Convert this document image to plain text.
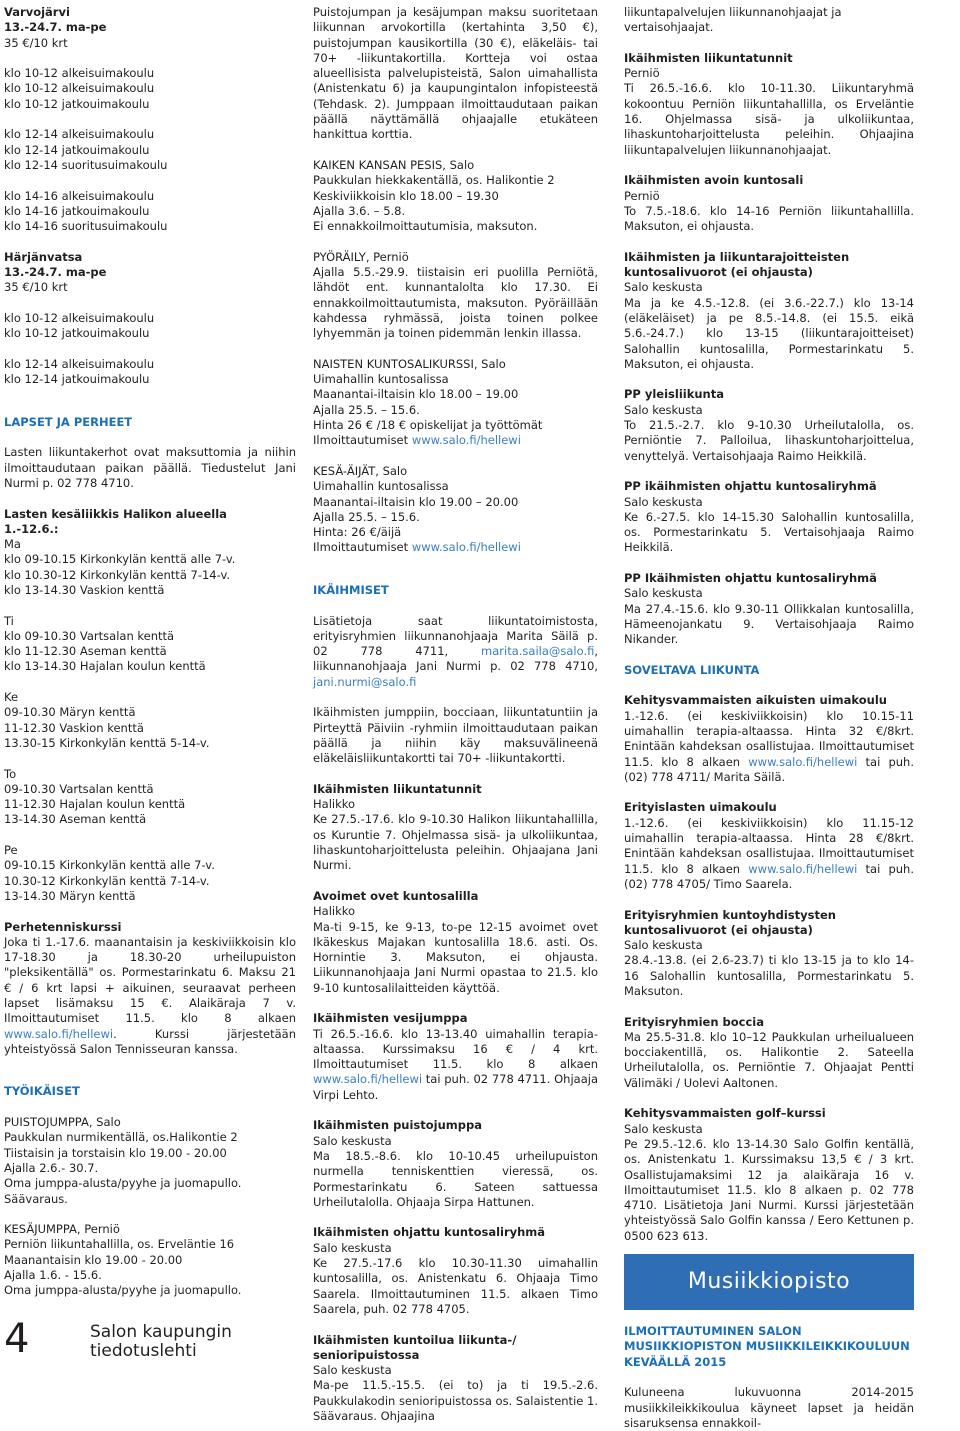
Varvojärvi

13.-24.7. ma-pe

35 €/10 krt

klo 10-12 alkeisuimakoulu

klo 10-12 alkeisuimakoulu

klo 10-12 jatkouimakoulu

klo 12-14 alkeisuimakoulu

klo 12-14 jatkouimakoulu

klo 12-14 suoritusuimakoulu

klo 14-16 alkeisuimakoulu

klo 14-16 jatkouimakoulu

klo 14-16 suoritusuimakoulu

Härjänvatsa

13.-24.7. ma-pe

35 €/10 krt

klo 10-12 alkeisuimakoulu

klo 10-12 jatkouimakoulu

klo 12-14 alkeisuimakoulu

klo 12-14 jatkouimakoulu

LAPSET JA PERHEET

Lasten liikuntakerhot ovat maksuttomia ja niihin ilmoittaudutaan paikan päällä. Tiedustelut Jani Nurmi p. 02 778 4710.

Lasten kesäliikkis Halikon alueella

1.-12.6.:

Ma

klo 09-10.15 Kirkonkylän kenttä alle 7-v.

klo 10.30-12 Kirkonkylän kenttä 7-14-v.

klo 13-14.30 Vaskion kenttä

Ti

klo 09-10.30 Vartsalan kenttä

klo 11-12.30 Aseman kenttä

klo 13-14.30 Hajalan koulun kenttä

Ke

09-10.30 Märyn kenttä

11-12.30 Vaskion kenttä

13.30-15 Kirkonkylän kenttä 5-14-v.

To

09-10.30 Vartsalan kenttä

11-12.30 Hajalan koulun kenttä

13-14.30 Aseman kenttä

Pe

09-10.15 Kirkonkylän kenttä alle 7-v.

10.30-12 Kirkonkylän kenttä 7-14-v.

13-14.30 Märyn kenttä

Perhetenniskurssi

Joka ti 1.-17.6. maanantaisin ja keskiviikkoisin klo 17-18.30 ja 18.30-20 urheilupuiston "pleksikentällä" os. Pormestarinkatu 6. Maksu 21 € / 6 krt lapsi + aikuinen, seuraavat perheen lapset lisämaksu 15 €. Alaikäraja 7 v. Ilmoittautumiset 11.5. klo 8 alkaen www.salo.fi/hellewi. Kurssi järjestetään yhteistyössä Salon Tennisseuran kanssa.

TYÖIKÄISET

PUISTOJUMPPA, Salo

Paukkulan nurmikentällä, os.Halikontie 2

Tiistaisin ja torstaisin klo 19.00 - 20.00

Ajalla 2.6.- 30.7.

Oma jumppa-alusta/pyyhe ja juomapullo. Säävaraus.

KESÄJUMPPA, Perniö

Perniön liikuntahallilla, os. Erveläntie 16

Maanantaisin klo 19.00 - 20.00

Ajalla 1.6. - 15.6.

Oma jumppa-alusta/pyyhe ja juomapullo.

Puistojumpan ja kesäjumpan maksu suoritetaan liikunnan arvokortilla (kertahinta 3,50 €), puistojumpan kausikortilla (30 €), eläkeläis- tai 70+ -liikuntakortilla. Kortteja voi ostaa alueellisista palvelupisteistä, Salon uimahallista (Anistenkatu 6) ja kaupungintalon infopisteestä (Tehdask. 2). Jumppaan ilmoittaudutaan paikan päällä näyttämällä ohjaajalle etukäteen hankittua korttia.

KAIKEN KANSAN PESIS, Salo

Paukkulan hiekkakentällä, os. Halikontie 2

Keskiviikkoisin klo 18.00 – 19.30

Ajalla 3.6. – 5.8.

Ei ennakkoilmoittautumisia, maksuton.

PYÖRÄILY, Perniö

Ajalla 5.5.-29.9. tiistaisin eri puolilla Perniötä, lähdöt ent. kunnantalolta klo 17.30. Ei ennakkoilmoittautumista, maksuton. Pyöräillään kahdessa ryhmässä, joista toinen polkee lyhyemmän ja toinen pidemmän lenkin illassa.

NAISTEN KUNTOSALIKURSSI, Salo

Uimahallin kuntosalissa

Maanantai-iltaisin klo 18.00 – 19.00

Ajalla 25.5. – 15.6.

Hinta 26 € /18 € opiskelijat ja työttömät

Ilmoittautumiset www.salo.fi/hellewi

KESÄ-ÄIJÄT, Salo

Uimahallin kuntosalissa

Maanantai-iltaisin klo 19.00 – 20.00

Ajalla 25.5. – 15.6.

Hinta: 26 €/äijä

Ilmoittautumiset www.salo.fi/hellewi

IKÄIHMISET

Lisätietoja saat liikuntatoimistosta, erityisryhmien liikunnanohjaaja Marita Säilä p. 02 778 4711, marita.saila@salo.fi, liikunnanohjaaja Jani Nurmi p. 02 778 4710, jani.nurmi@salo.fi

Ikäihmisten jumppiin, bocciaan, liikuntatuntiin ja Pirteyttä Päiviin -ryhmiin ilmoittaudutaan paikan päällä ja niihin käy maksuvälineenä eläkeläisliikuntakortti tai 70+ -liikuntakortti.

Ikäihmisten liikuntatunnit

Halikko

Ke 27.5.-17.6. klo 9-10.30 Halikon liikuntahallilla, os Kuruntie 7. Ohjelmassa sisä- ja ulkoliikuntaa, lihaskuntoharjoittelusta peleihin. Ohjaajana Jani Nurmi.

Avoimet ovet kuntosalilla

Halikko

Ma-ti 9-15, ke 9-13, to-pe 12-15 avoimet ovet Ikäkeskus Majakan kuntosalilla 18.6. asti. Os. Hornintie 3. Maksuton, ei ohjausta. Liikunnanohjaaja Jani Nurmi opastaa to 21.5. klo 9-10 kuntosalilaitteiden käyttöä.

Ikäihmisten vesijumppa

Ti 26.5.-16.6. klo 13-13.40 uimahallin terapia-altaassa. Kurssimaksu 16 € / 4 krt. Ilmoittautumiset 11.5. klo 8 alkaen www.salo.fi/hellewi tai puh. 02 778 4711. Ohjaaja Virpi Lehto.

Ikäihmisten puistojumppa

Salo keskusta

Ma 18.5.-8.6. klo 10-10.45 urheilupuiston nurmella tenniskenttien vieressä, os. Pormestarinkatu 6. Sateen sattuessa Urheilutalolla. Ohjaaja Sirpa Hattunen.

Ikäihmisten ohjattu kuntosaliryhmä

Salo keskusta

Ke 27.5.-17.6 klo 10.30-11.30 uimahallin kuntosalilla, os. Anistenkatu 6. Ohjaaja Timo Saarela. Ilmoittautuminen 11.5. alkaen Timo Saarela, puh. 02 778 4705.

Ikäihmisten kuntoilua liikunta-/ senioripuistossa

Salo keskusta

Ma-pe 11.5.-15.5. (ei to) ja ti 19.5.-2.6. Paukkulakodin senioripuistossa os. Salaistentie 1. Säävaraus. Ohjaajina

liikuntapalvelujen liikunnanohjaajat ja vertaisohjaajat.

Ikäihmisten liikuntatunnit

Perniö

Ti 26.5.-16.6. klo 10-11.30. Liikuntaryhmä kokoontuu Perniön liikuntahallilla, os Erveläntie 16. Ohjelmassa sisä- ja ulkoliikuntaa, lihaskuntoharjoittelusta peleihin. Ohjaajina liikuntapalvelujen liikunnanohjaajat.

Ikäihmisten avoin kuntosali

Perniö

To 7.5.-18.6. klo 14-16 Perniön liikuntahallilla. Maksuton, ei ohjausta.

Ikäihmisten ja liikuntarajoitteisten kuntosalivuorot (ei ohjausta)

Salo keskusta

Ma ja ke 4.5.-12.8. (ei 3.6.-22.7.) klo 13-14 (eläkeläiset) ja pe 8.5.-14.8. (ei 15.5. eikä 5.6.-24.7.) klo 13-15 (liikuntarajoitteiset) Salohallin kuntosalilla, Pormestarinkatu 5. Maksuton, ei ohjausta.

PP yleisliikunta

Salo keskusta

To 21.5.-2.7. klo 9-10.30 Urheilutalolla, os. Perniöntie 7. Palloilua, lihaskuntoharjoittelua, venyttelyä. Vertaisohjaaja Raimo Heikkilä.

PP ikäihmisten ohjattu kuntosaliryhmä

Salo keskusta

Ke 6.-27.5. klo 14-15.30 Salohallin kuntosalilla, os. Pormestarinkatu 5. Vertaisohjaaja Raimo Heikkilä.

PP Ikäihmisten ohjattu kuntosaliryhmä

Salo keskusta

Ma 27.4.-15.6. klo 9.30-11 Ollikkalan kuntosalilla, Hämeenojankatu 9. Vertaisohjaaja Raimo Nikander.

SOVELTAVA LIIKUNTA

Kehitysvammaisten aikuisten uimakoulu

1.-12.6. (ei keskiviikkoisin) klo 10.15-11 uimahallin terapia-altaassa. Hinta 32 €/8krt. Enintään kahdeksan osallistujaa. Ilmoittautumiset 11.5. klo 8 alkaen www.salo.fi/hellewi tai puh. (02) 778 4711/ Marita Säilä.

Erityislasten uimakoulu

1.-12.6. (ei keskiviikkoisin) klo 11.15-12 uimahallin terapia-altaassa. Hinta 28 €/8krt. Enintään kahdeksan osallistujaa. Ilmoittautumiset 11.5. klo 8 alkaen www.salo.fi/hellewi tai puh. (02) 778 4705/ Timo Saarela.

Erityisryhmien kuntoyhdistysten kuntosalivuorot (ei ohjausta)

Salo keskusta

28.4.-13.8. (ei 2.6-23.7) ti klo 13-15 ja to klo 14-16 Salohallin kuntosalilla, Pormestarinkatu 5. Maksuton.

Erityisryhmien boccia

Ma 25.5-31.8. klo 10–12 Paukkulan urheilualueen bocciakentillä, os. Halikontie 2. Sateella Urheilutalolla, os. Perniöntie 7. Ohjaajat Pentti Välimäki / Uolevi Aaltonen.

Kehitysvammaisten golf–kurssi

Salo keskusta

Pe 29.5.-12.6. klo 13-14.30 Salo Golfin kentällä, os. Anistenkatu 1. Kurssimaksu 13,5 € / 3 krt. Osallistujamaksimi 12 ja alaikäraja 16 v. Ilmoittautumiset 11.5. klo 8 alkaen p. 02 778 4710. Lisätietoja Jani Nurmi. Kurssi järjestetään yhteistyössä Salo Golfin kanssa / Eero Kettunen p. 0500 623 613.

Musiikkiopisto

ILMOITTAUTUMINEN SALON MUSIIKKIOPISTON MUSIIKKILEIKKIKOULUUN KEVÄÄLLÄ 2015

Kuluneena lukuvuonna 2014-2015 musiikkileikkikoulua käyneet lapset ja heidän sisaruksensa ennakkoil-

4	Salon kaupungin
tiedotuslehti
